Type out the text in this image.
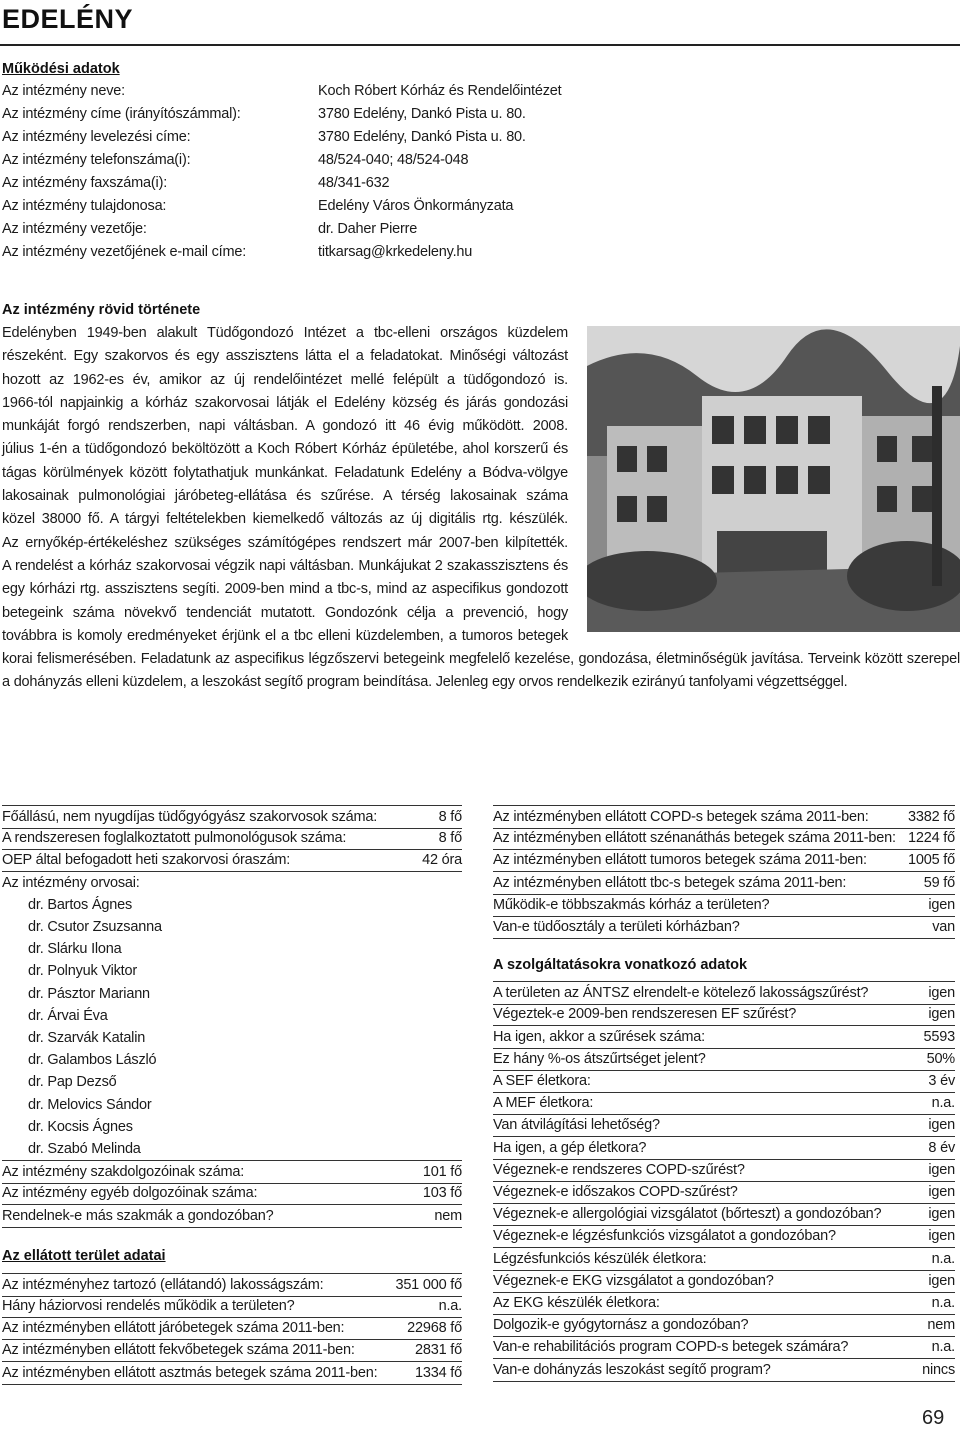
EDELÉNY
Működési adatok
Az intézmény neve:	Koch Róbert Kórház és Rendelőintézet
Az intézmény címe (irányítószámmal):	3780 Edelény, Dankó Pista u. 80.
Az intézmény levelezési címe:	3780 Edelény, Dankó Pista u. 80.
Az intézmény telefonszáma(i):	48/524-040; 48/524-048
Az intézmény faxszáma(i):	48/341-632
Az intézmény tulajdonosa:	Edelény Város Önkormányzata
Az intézmény vezetője:	dr. Daher Pierre
Az intézmény vezetőjének e-mail címe:	titkarsag@krkedeleny.hu
Az intézmény rövid története
Edelényben 1949-ben alakult Tüdőgondozó Intézet a tbc-elleni országos küzdelem
részeként. Egy szakorvos és egy asszisztens látta el a feladatokat. Minőségi változást
hozott az 1962-es év, amikor az új rendelőintézet mellé felépült a tüdőgondozó is.
1966-tól napjainkig a kórház szakorvosai látják el Edelény község és járás gondozási
munkáját forgó rendszerben, napi váltásban. A gondozó itt 46 évig működött. 2008.
július 1-én a tüdőgondozó beköltözött a Koch Róbert Kórház épületébe, ahol korszerű és
tágas körülmények között folytathatjuk munkánkat. Feladatunk Edelény a Bódva-völgye
lakosainak pulmonológiai járóbeteg-ellátása és szűrése. A térség lakosainak száma
közel 38000 fő. A tárgyi feltételekben kiemelkedő változás az új digitális rtg. készülék.
Az ernyőkép-értékeléshez szükséges számítógépes rendszert már 2007-ben kilpítették.
A rendelést a kórház szakorvosai végzik napi váltásban. Munkájukat 2 szakasszisztens és
egy kórházi rtg. asszisztens segíti. 2009-ben mind a tbc-s, mind az aspecifikus gondozott
betegeink száma növekvő tendenciát mutatott. Gondozónk célja a prevenció, hogy
továbbra is komoly eredményeket érjünk el a tbc elleni küzdelemben, a tumoros betegek
korai felismerésében. Feladatunk az aspecifikus légzőszervi betegeink megfelelő kezelése, gondozása, életminőségük javítása. Terveink között szerepel
a dohányzás elleni küzdelem, a leszokást segítő program beindítása. Jelenleg egy orvos rendelkezik ezirányú tanfolyami végzettséggel.
Főállású, nem nyugdíjas tüdőgyógyász szakorvosok száma:	8 fő
A rendszeresen foglalkoztatott pulmonológusok száma:	8 fő
OEP által befogadott heti szakorvosi óraszám:	42 óra
Az intézmény orvosai:
dr. Bartos Ágnes
dr. Csutor Zsuzsanna
dr. Slárku Ilona
dr. Polnyuk Viktor
dr. Pásztor Mariann
dr. Árvai Éva
dr. Szarvák Katalin
dr. Galambos László
dr. Pap Dezső
dr. Melovics Sándor
dr. Kocsis Ágnes
dr. Szabó Melinda
Az intézmény szakdolgozóinak száma:	101 fő
Az intézmény egyéb dolgozóinak száma:	103 fő
Rendelnek-e más szakmák a gondozóban?	nem
Az ellátott terület adatai
Az intézményhez tartozó (ellátandó) lakosságszám:	351 000 fő
Hány háziorvosi rendelés működik a területen?	n.a.
Az intézményben ellátott járóbetegek száma 2011-ben:	22968 fő
Az intézményben ellátott fekvőbetegek száma 2011-ben:	2831 fő
Az intézményben ellátott asztmás betegek száma 2011-ben:	1334 fő
Az intézményben ellátott COPD-s betegek száma 2011-ben:	3382 fő
Az intézményben ellátott szénanáthás betegek száma 2011-ben: 1224 fő
Az intézményben ellátott tumoros betegek száma 2011-ben:	1005 fő
Az intézményben ellátott tbc-s betegek száma 2011-ben:	59 fő
Működik-e többszakmás kórház a területen?	igen
Van-e tüdőosztály a területi kórházban?	van
A szolgáltatásokra vonatkozó adatok
A területen az ÁNTSZ elrendelt-e kötelező lakosságszűrést?	igen
Végeztek-e 2009-ben rendszeresen EF szűrést?	igen
Ha igen, akkor a szűrések száma:	5593
Ez hány %-os átszűrtséget jelent?	50%
A SEF életkora:	3 év
A MEF életkora:	n.a.
Van átvilágítási lehetőség?	igen
Ha igen, a gép életkora?	8 év
Végeznek-e rendszeres COPD-szűrést?	igen
Végeznek-e időszakos COPD-szűrést?	igen
Végeznek-e allergológiai vizsgálatot (bőrteszt) a gondozóban?	igen
Végeznek-e légzésfunkciós vizsgálatot a gondozóban?	igen
Légzésfunkciós készülék életkora:	n.a.
Végeznek-e EKG vizsgálatot a gondozóban?	igen
Az EKG készülék életkora:	n.a.
Dolgozik-e gyógytornász a gondozóban?	nem
Van-e rehabilitációs program COPD-s betegek számára?	n.a.
Van-e dohányzás leszokást segítő program?	nincs
69
